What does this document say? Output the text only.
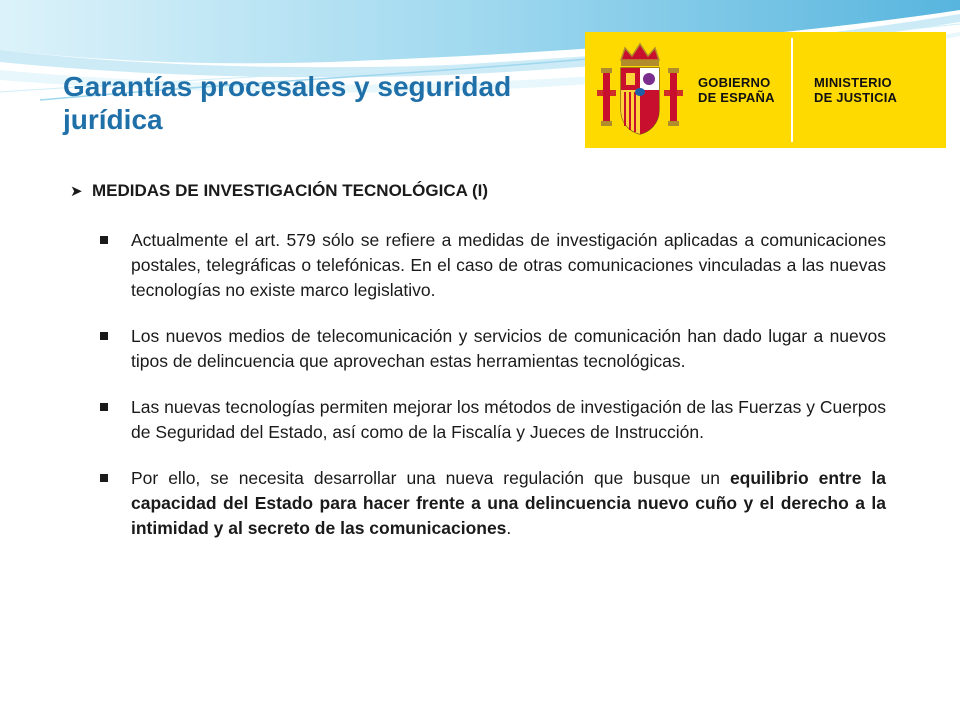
Garantías procesales y seguridad
jurídica
GOBIERNO
DE ESPAÑA
MINISTERIO
DE JUSTICIA
➤ MEDIDAS DE INVESTIGACIÓN TECNOLÓGICA (I)
Actualmente el art. 579 sólo se refiere a medidas de investigación aplicadas a comunicaciones postales, telegráficas o telefónicas. En el caso de otras comunicaciones vinculadas a las nuevas tecnologías no existe marco legislativo.
Los nuevos medios de telecomunicación y servicios de comunicación han dado lugar a nuevos tipos de delincuencia que aprovechan estas herramientas tecnológicas.
Las nuevas tecnologías permiten mejorar los métodos de investigación de las Fuerzas y Cuerpos de Seguridad del Estado, así como de la Fiscalía y Jueces de Instrucción.
Por ello, se necesita desarrollar una nueva regulación que busque un equilibrio entre la capacidad del Estado para hacer frente a una delincuencia nuevo cuño y el derecho a la intimidad y al secreto de las comunicaciones.
